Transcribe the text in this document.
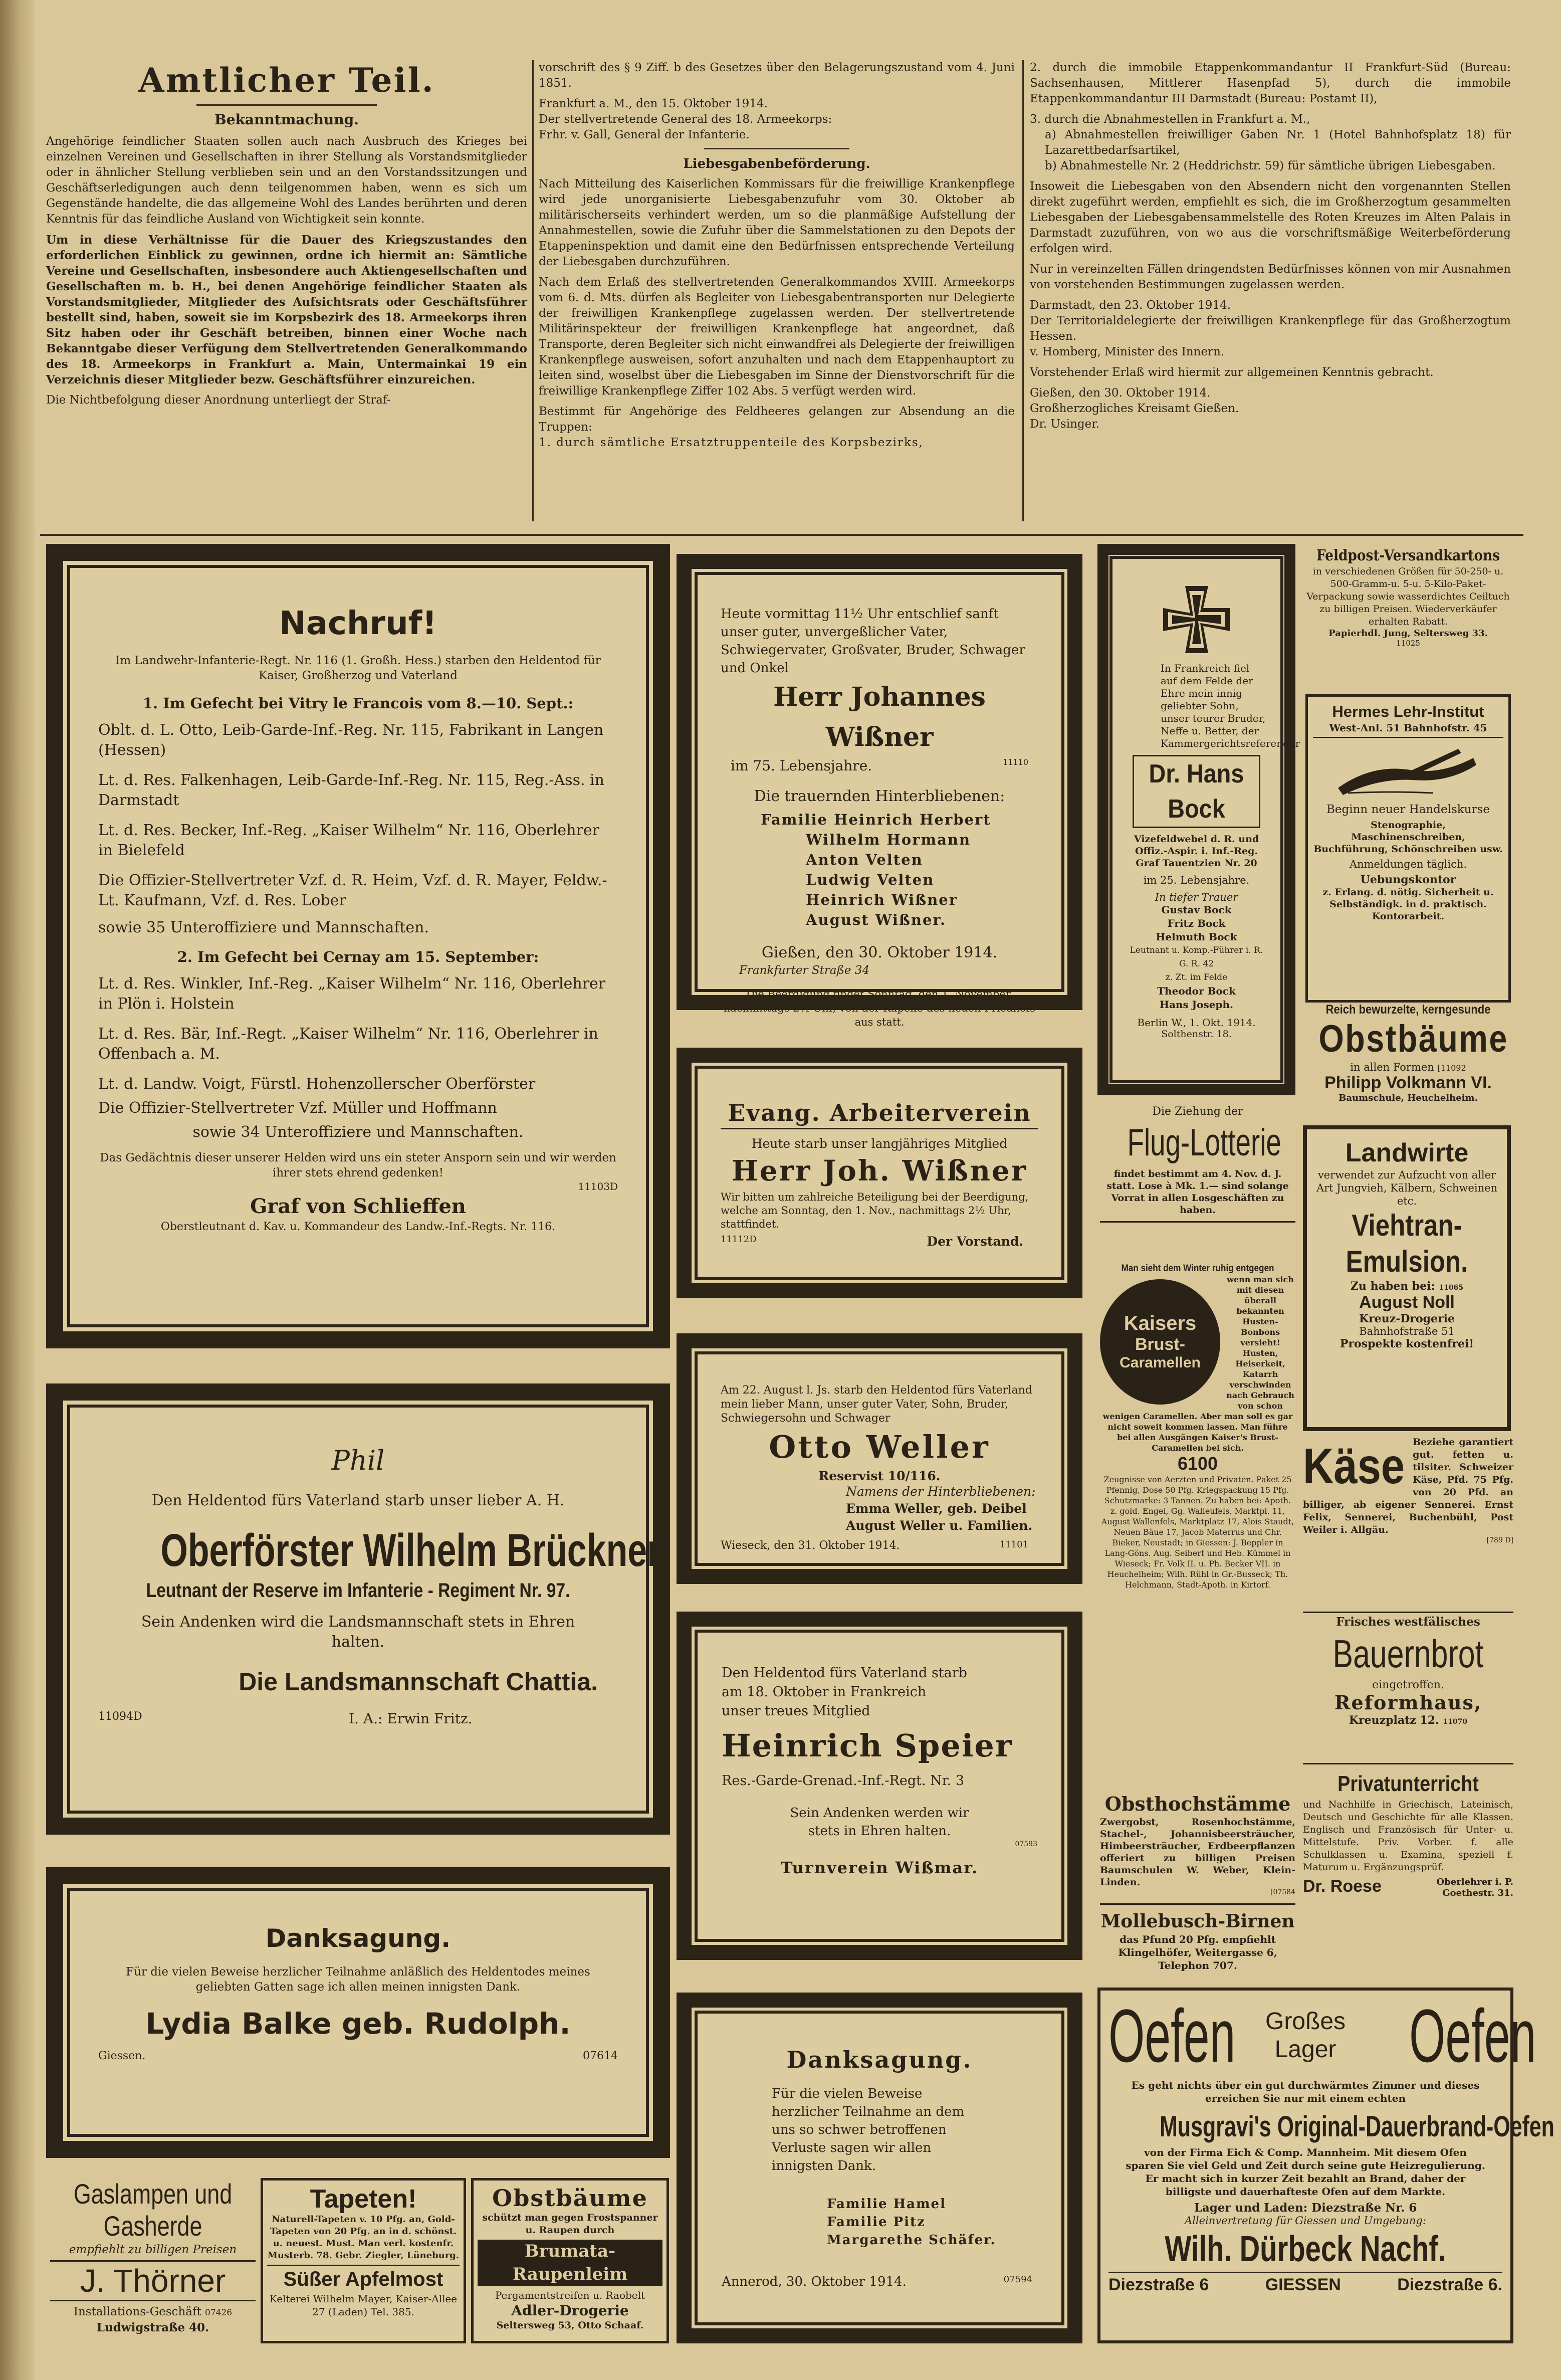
Amtlicher Teil.
Bekanntmachung.

Angehörige feindlicher Staaten sollen auch nach Ausbruch des Krieges bei einzelnen Vereinen und Gesellschaften in ihrer Stellung als Vorstandsmitglieder oder in ähnlicher Stellung verblieben sein und an den Vorstandssitzungen und Geschäftserledigungen auch denn teilgenommen haben, wenn es sich um Gegenstände handelte, die das allgemeine Wohl des Landes berührten und deren Kenntnis für das feindliche Ausland von Wichtigkeit sein konnte.

Um in diese Verhältnisse für die Dauer des Kriegszustandes den erforderlichen Einblick zu gewinnen, ordne ich hiermit an: Sämtliche Vereine und Gesellschaften, insbesondere auch Aktiengesellschaften und Gesellschaften m. b. H., bei denen Angehörige feindlicher Staaten als Vorstandsmitglieder, Mitglieder des Aufsichtsrats oder Geschäftsführer bestellt sind, haben, soweit sie im Korpsbezirk des 18. Armeekorps ihren Sitz haben oder ihr Geschäft betreiben, binnen einer Woche nach Bekanntgabe dieser Verfügung dem Stellvertretenden Generalkommando des 18. Armeekorps in Frankfurt a. Main, Untermainkai 19 ein Verzeichnis dieser Mitglieder bezw. Geschäftsführer einzureichen.

Die Nichtbefolgung dieser Anordnung unterliegt der Straf-

vorschrift des § 9 Ziff. b des Gesetzes über den Belagerungszustand vom 4. Juni 1851.

Frankfurt a. M., den 15. Oktober 1914.

Der stellvertretende General des 18. Armeekorps:

Frhr. v. Gall, General der Infanterie.

Liebesgabenbeförderung.

Nach Mitteilung des Kaiserlichen Kommissars für die freiwillige Krankenpflege wird jede unorganisierte Liebesgabenzufuhr vom 30. Oktober ab militärischerseits verhindert werden, um so die planmäßige Aufstellung der Annahmestellen, sowie die Zufuhr über die Sammelstationen zu den Depots der Etappeninspektion und damit eine den Bedürfnissen entsprechende Verteilung der Liebesgaben durchzuführen.

Nach dem Erlaß des stellvertretenden Generalkommandos XVIII. Armeekorps vom 6. d. Mts. dürfen als Begleiter von Liebesgabentransporten nur Delegierte der freiwilligen Krankenpflege zugelassen werden. Der stellvertretende Militärinspekteur der freiwilligen Krankenpflege hat angeordnet, daß Transporte, deren Begleiter sich nicht einwandfrei als Delegierte der freiwilligen Krankenpflege ausweisen, sofort anzuhalten und nach dem Etappenhauptort zu leiten sind, woselbst über die Liebesgaben im Sinne der Dienstvorschrift für die freiwillige Krankenpflege Ziffer 102 Abs. 5 verfügt werden wird.

Bestimmt für Angehörige des Feldheeres gelangen zur Absendung an die Truppen:

1. durch sämtliche Ersatztruppenteile des Korpsbezirks,

2. durch die immobile Etappenkommandantur II Frankfurt-Süd (Bureau: Sachsenhausen, Mittlerer Hasenpfad 5), durch die immobile Etappenkommandantur III Darmstadt (Bureau: Postamt II),

3. durch die Abnahmestellen in Frankfurt a. M.,

a) Abnahmestellen freiwilliger Gaben Nr. 1 (Hotel Bahnhofsplatz 18) für Lazarettbedarfsartikel,

b) Abnahmestelle Nr. 2 (Heddrichstr. 59) für sämtliche übrigen Liebesgaben.

Insoweit die Liebesgaben von den Absendern nicht den vorgenannten Stellen direkt zugeführt werden, empfiehlt es sich, die im Großherzogtum gesammelten Liebesgaben der Liebesgabensammelstelle des Roten Kreuzes im Alten Palais in Darmstadt zuzuführen, von wo aus die vorschriftsmäßige Weiterbeförderung erfolgen wird.

Nur in vereinzelten Fällen dringendsten Bedürfnisses können von mir Ausnahmen von vorstehenden Bestimmungen zugelassen werden.

Darmstadt, den 23. Oktober 1914.

Der Territorialdelegierte der freiwilligen Krankenpflege für das Großherzogtum Hessen.

v. Homberg, Minister des Innern.

Vorstehender Erlaß wird hiermit zur allgemeinen Kenntnis gebracht.

Gießen, den 30. Oktober 1914.

Großherzogliches Kreisamt Gießen.

Dr. Usinger.

Nachruf!
Im Landwehr-Infanterie-Regt. Nr. 116 (1. Großh. Hess.) starben den Heldentod für Kaiser, Großherzog und Vaterland
1. Im Gefecht bei Vitry le Francois vom 8.—10. Sept.:
Oblt. d. L. Otto, Leib-Garde-Inf.-Reg. Nr. 115, Fabrikant in Langen (Hessen)
Lt. d. Res. Falkenhagen, Leib-Garde-Inf.-Reg. Nr. 115, Reg.-Ass. in Darmstadt
Lt. d. Res. Becker, Inf.-Reg. „Kaiser Wilhelm“ Nr. 116, Oberlehrer in Bielefeld
Die Offizier-Stellvertreter Vzf. d. R. Heim, Vzf. d. R. Mayer, Feldw.-Lt. Kaufmann, Vzf. d. Res. Lober
sowie 35 Unteroffiziere und Mannschaften.
2. Im Gefecht bei Cernay am 15. September:
Lt. d. Res. Winkler, Inf.-Reg. „Kaiser Wilhelm“ Nr. 116, Oberlehrer in Plön i. Holstein
Lt. d. Res. Bär, Inf.-Regt. „Kaiser Wilhelm“ Nr. 116, Oberlehrer in Offenbach a. M.
Lt. d. Landw. Voigt, Fürstl. Hohenzollerscher Oberförster
Die Offizier-Stellvertreter Vzf. Müller und Hoffmann
sowie 34 Unteroffiziere und Mannschaften.
Das Gedächtnis dieser unserer Helden wird uns ein steter Ansporn sein und wir werden ihrer stets ehrend gedenken!
11103D
Graf von Schlieffen
Oberstleutnant d. Kav. u. Kommandeur des Landw.-Inf.-Regts. Nr. 116.
Phil
Den Heldentod fürs Vaterland starb unser lieber A. H.
Oberförster Wilhelm Brückner
Leutnant der Reserve im Infanterie - Regiment Nr. 97.
Sein Andenken wird die Landsmannschaft stets in Ehren halten.
Die Landsmannschaft Chattia.
11094D	I. A.: Erwin Fritz.
Danksagung.
Für die vielen Beweise herzlicher Teilnahme anläßlich des Heldentodes meines geliebten Gatten sage ich allen meinen innigsten Dank.
Lydia Balke geb. Rudolph.
Giessen.	07614
Gaslampen und
Gasherde
empfiehlt zu billigen Preisen
J. Thörner
Installations-Geschäft 07426
Ludwigstraße 40.
Tapeten!
Naturell-Tapeten v. 10 Pfg. an, Gold-Tapeten von 20 Pfg. an in d. schönst. u. neuest. Must. Man verl. kostenfr. Musterb. 78. Gebr. Ziegler, Lüneburg.
Süßer Apfelmost
Kelterei Wilhelm Mayer, Kaiser-Allee 27 (Laden) Tel. 385.
Obstbäume
schützt man gegen Frostspanner u. Raupen durch
Brumata-Raupenleim
Pergamentstreifen u. Raobelt
Adler-Drogerie
Seltersweg 53, Otto Schaaf.
Heute vormittag 11½ Uhr entschlief sanft unser guter, unvergeßlicher Vater, Schwiegervater, Großvater, Bruder, Schwager und Onkel
Herr Johannes Wißner
im 75. Lebensjahre.	11110
Die trauernden Hinterbliebenen:
Familie Heinrich Herbert
Wilhelm Hormann
Anton Velten
Ludwig Velten
Heinrich Wißner
August Wißner.
Gießen, den 30. Oktober 1914.
Frankfurter Straße 34
Die Beerdigung findet Sonntag, den 1. November, nachmittags 2½ Uhr, von der Kapelle des neuen Friedhofs aus statt.
Evang. Arbeiterverein
Heute starb unser langjähriges Mitglied
Herr Joh. Wißner
Wir bitten um zahlreiche Beteiligung bei der Beerdigung, welche am Sonntag, den 1. Nov., nachmittags 2½ Uhr, stattfindet.
11112D	Der Vorstand.
Am 22. August l. Js. starb den Heldentod fürs Vaterland mein lieber Mann, unser guter Vater, Sohn, Bruder, Schwiegersohn und Schwager
Otto Weller
Reservist 10/116.
Namens der Hinterbliebenen:
Emma Weller, geb. Deibel
August Weller u. Familien.
Wieseck, den 31. Oktober 1914.	11101
Den Heldentod fürs Vaterland starb am 18. Oktober in Frankreich unser treues Mitglied
Heinrich Speier
Res.-Garde-Grenad.-Inf.-Regt. Nr. 3
Sein Andenken werden wir stets in Ehren halten.
07593
Turnverein Wißmar.
Danksagung.
Für die vielen Beweise herzlicher Teilnahme an dem uns so schwer betroffenen Verluste sagen wir allen innigsten Dank.
Familie Hamel
Familie Pitz
Margarethe Schäfer.
Annerod, 30. Oktober 1914.	07594
In Frankreich fiel auf dem Felde der Ehre mein innig geliebter Sohn, unser teurer Bruder, Neffe u. Better, der Kammergerichtsreferendar
Dr. Hans Bock
Vizefeldwebel d. R. und Offiz.-Aspir. i. Inf.-Reg. Graf Tauentzien Nr. 20
im 25. Lebensjahre.
In tiefer Trauer
Gustav Bock
Fritz Bock
Helmuth Bock
Leutnant u. Komp.-Führer i. R. G. R. 42
z. Zt. im Felde
Theodor Bock
Hans Joseph.
Berlin W., 1. Okt. 1914.
Solthenstr. 18.
Feldpost-Versandkartons
in verschiedenen Größen für 50-250- u. 500-Gramm-u. 5-u. 5-Kilo-Paket-Verpackung sowie wasserdichtes Ceiltuch zu billigen Preisen. Wiederverkäufer erhalten Rabatt.
Papierhdl. Jung, Seltersweg 33.
11025
Hermes Lehr-Institut
West-Anl. 51 Bahnhofstr. 45
Beginn neuer Handelskurse
Stenographie, Maschinenschreiben, Buchführung, Schönschreiben usw.
Anmeldungen täglich.
Uebungskontor
z. Erlang. d. nötig. Sicherheit u. Selbständigk. in d. praktisch. Kontorarbeit.
Reich bewurzelte, kerngesunde
Obstbäume
in allen Formen [11092
Philipp Volkmann VI.
Baumschule, Heuchelheim.
Die Ziehung der
Flug-Lotterie
findet bestimmt am 4. Nov. d. J. statt. Lose à Mk. 1.— sind solange Vorrat in allen Losgeschäften zu haben.
Man sieht dem Winter ruhig entgegen
Kaisers
Brust-
Caramellen
wenn man sich mit diesen überall bekannten Husten-Bonbons versieht! Husten, Heiserkeit, Katarrh verschwinden nach Gebrauch von schon wenigen Caramellen. Aber man soll es gar nicht soweit kommen lassen. Man führe bei allen Ausgängen Kaiser's Brust-Caramellen bei sich.
6100
Zeugnisse von Aerzten und Privaten. Paket 25 Pfennig, Dose 50 Pfg. Kriegspackung 15 Pfg. Schutzmarke: 3 Tannen. Zu haben bei: Apoth. z. gold. Engel, Gg. Walleufels, Marktpl. 11, August Wallenfels, Marktplatz 17, Alois Staudt, Neuen Bäue 17, Jacob Materrus und Chr. Bieker, Neustadt; in Giessen: J. Beppler in Lang-Göns. Aug. Seibert und Heb. Kümmel in Wieseck; Fr. Volk II. u. Ph. Becker VII. in Heuchelheim; Wilh. Rühl in Gr.-Busseck; Th. Helchmann, Stadt-Apoth. in Kirtorf.
Landwirte
verwendet zur Aufzucht von aller Art Jungvieh, Kälbern, Schweinen etc.
Viehtran-
Emulsion.
Zu haben bei: 11065
August Noll
Kreuz-Drogerie
Bahnhofstraße 51
Prospekte kostenfrei!
Käse Beziehe garantiert gut. fetten u. tilsiter. Schweizer Käse, Pfd. 75 Pfg. von 20 Pfd. an billiger, ab eigener Sennerei. Ernst Felix, Sennerei, Buchenbühl, Post Weiler i. Allgäu.
[789 D]
Frisches westfälisches
Bauernbrot
eingetroffen.
Reformhaus,
Kreuzplatz 12. 11070
Obsthochstämme
Zwergobst, Rosenhochstämme, Stachel-, Johannisbeersträucher, Himbeersträucher, Erdbeerpflanzen offeriert zu billigen Preisen Baumschulen W. Weber, Klein-Linden.
[07584
Mollebusch-Birnen
das Pfund 20 Pfg. empfiehlt Klingelhöfer, Weitergasse 6, Telephon 707.
Privatunterricht
und Nachhilfe in Griechisch, Lateinisch, Deutsch und Geschichte für alle Klassen. Englisch und Französisch für Unter- u. Mittelstufe. Priv. Vorber. f. alle Schulklassen u. Examina, speziell f. Maturum u. Ergänzungsprüf.
Dr. Roese	Oberlehrer i. P. Goethestr. 31.
Oefen Großes
Lager Oefen
Es geht nichts über ein gut durchwärmtes Zimmer und dieses erreichen Sie nur mit einem echten
Musgravi's Original-Dauerbrand-Oefen
von der Firma Eich & Comp. Mannheim. Mit diesem Ofen sparen Sie viel Geld und Zeit durch seine gute Heizregulierung. Er macht sich in kurzer Zeit bezahlt an Brand, daher der billigste und dauerhafteste Ofen auf dem Markte.
Lager und Laden: Diezstraße Nr. 6
Alleinvertretung für Giessen und Umgebung:
Wilh. Dürbeck Nachf.
Diezstraße 6	GIESSEN	Diezstraße 6.
